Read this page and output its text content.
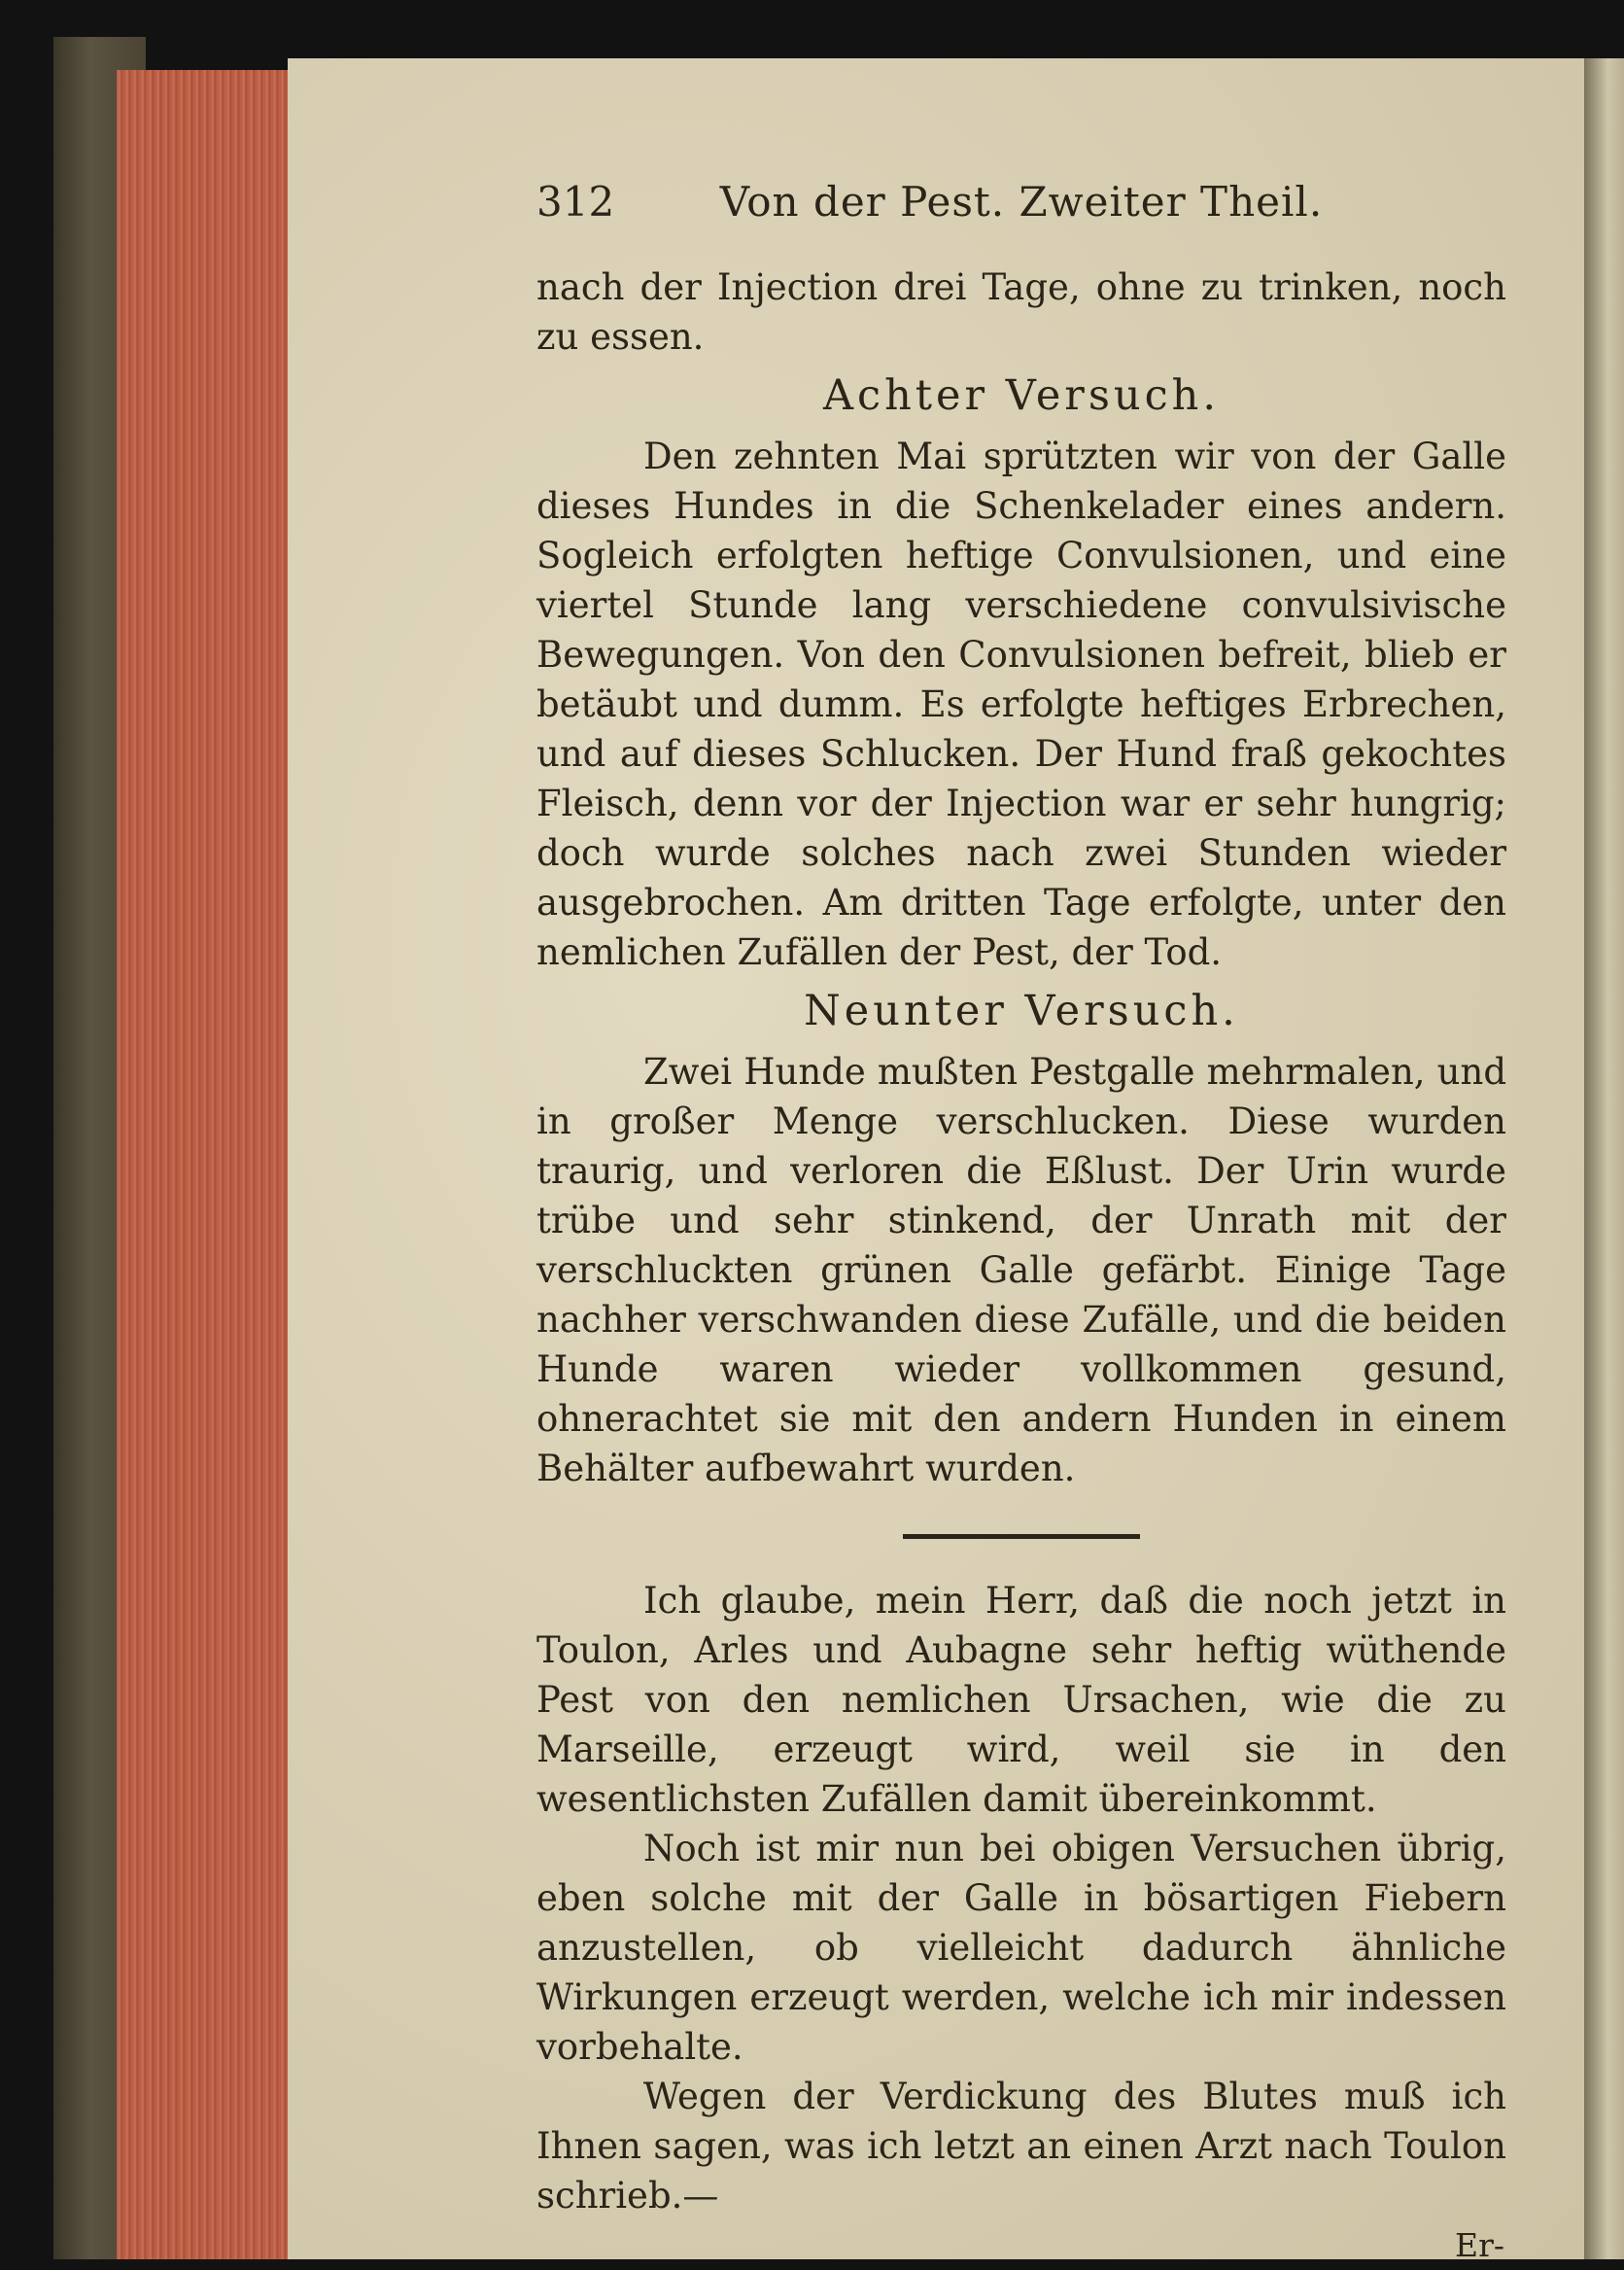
312	Von der Pest. Zweiter Theil.

nach der Injection drei Tage, ohne zu trinken, noch zu essen.

Achter Versuch.

Den zehnten Mai sprützten wir von der Galle dieses Hundes in die Schenkelader eines andern. Sogleich erfolgten heftige Convulsionen, und eine viertel Stunde lang verschiedene convulsivische Bewegungen. Von den Convulsionen befreit, blieb er betäubt und dumm. Es erfolgte heftiges Erbrechen, und auf dieses Schlucken. Der Hund fraß gekochtes Fleisch, denn vor der Injection war er sehr hungrig; doch wurde solches nach zwei Stunden wieder ausgebrochen. Am dritten Tage erfolgte, unter den nemlichen Zufällen der Pest, der Tod.

Neunter Versuch.

Zwei Hunde mußten Pestgalle mehrmalen, und in großer Menge verschlucken. Diese wurden traurig, und verloren die Eßlust. Der Urin wurde trübe und sehr stinkend, der Unrath mit der verschluckten grünen Galle gefärbt. Einige Tage nachher verschwanden diese Zufälle, und die beiden Hunde waren wieder vollkommen gesund, ohnerachtet sie mit den andern Hunden in einem Behälter aufbewahrt wurden.

Ich glaube, mein Herr, daß die noch jetzt in Toulon, Arles und Aubagne sehr heftig wüthende Pest von den nemlichen Ursachen, wie die zu Marseille, erzeugt wird, weil sie in den wesentlichsten Zufällen damit übereinkommt.

Noch ist mir nun bei obigen Versuchen übrig, eben solche mit der Galle in bösartigen Fiebern anzustellen, ob vielleicht dadurch ähnliche Wirkungen erzeugt werden, welche ich mir indessen vorbehalte.

Wegen der Verdickung des Blutes muß ich Ihnen sagen, was ich letzt an einen Arzt nach Toulon schrieb.—

Er-
